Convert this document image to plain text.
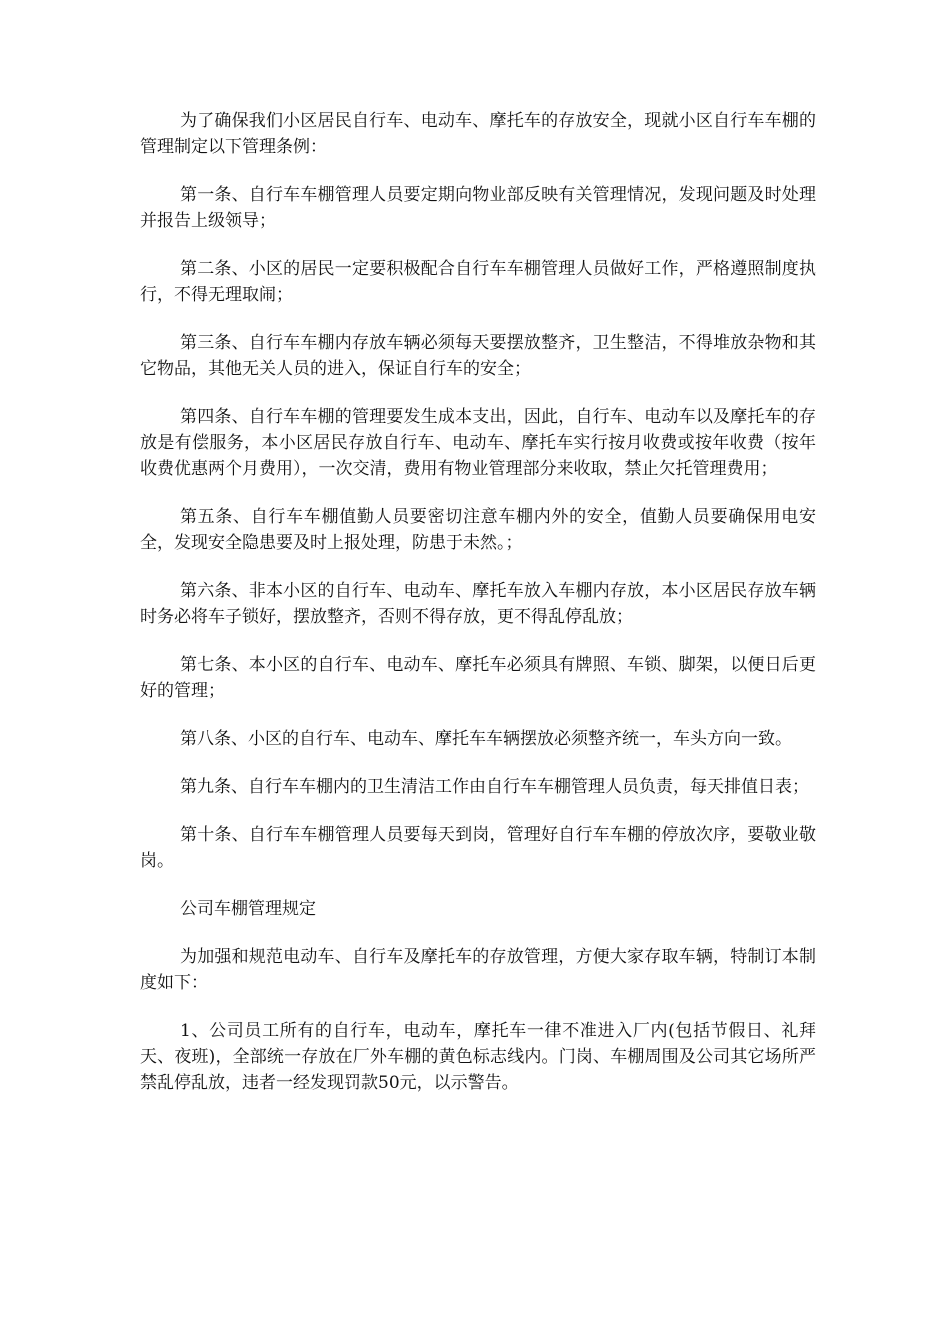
为了确保我们小区居民自行车、电动车、摩托车的存放安全，现就小区自行车车棚的管理制定以下管理条例：

第一条、自行车车棚管理人员要定期向物业部反映有关管理情况，发现问题及时处理并报告上级领导；

第二条、小区的居民一定要积极配合自行车车棚管理人员做好工作，严格遵照制度执行，不得无理取闹；

第三条、自行车车棚内存放车辆必须每天要摆放整齐，卫生整洁，不得堆放杂物和其它物品，其他无关人员的进入，保证自行车的安全；

第四条、自行车车棚的管理要发生成本支出，因此，自行车、电动车以及摩托车的存放是有偿服务，本小区居民存放自行车、电动车、摩托车实行按月收费或按年收费（按年收费优惠两个月费用），一次交清，费用有物业管理部分来收取，禁止欠托管理费用；

第五条、自行车车棚值勤人员要密切注意车棚内外的安全，值勤人员要确保用电安全，发现安全隐患要及时上报处理，防患于未然。；

第六条、非本小区的自行车、电动车、摩托车放入车棚内存放，本小区居民存放车辆时务必将车子锁好，摆放整齐，否则不得存放，更不得乱停乱放；

第七条、本小区的自行车、电动车、摩托车必须具有牌照、车锁、脚架，以便日后更好的管理；

第八条、小区的自行车、电动车、摩托车车辆摆放必须整齐统一，车头方向一致。

第九条、自行车车棚内的卫生清洁工作由自行车车棚管理人员负责，每天排值日表；

第十条、自行车车棚管理人员要每天到岗，管理好自行车车棚的停放次序，要敬业敬岗。

公司车棚管理规定

为加强和规范电动车、自行车及摩托车的存放管理，方便大家存取车辆，特制订本制度如下：

1、公司员工所有的自行车，电动车，摩托车一律不准进入厂内(包括节假日、礼拜天、夜班)，全部统一存放在厂外车棚的黄色标志线内。门岗、车棚周围及公司其它场所严禁乱停乱放，违者一经发现罚款50元，以示警告。
